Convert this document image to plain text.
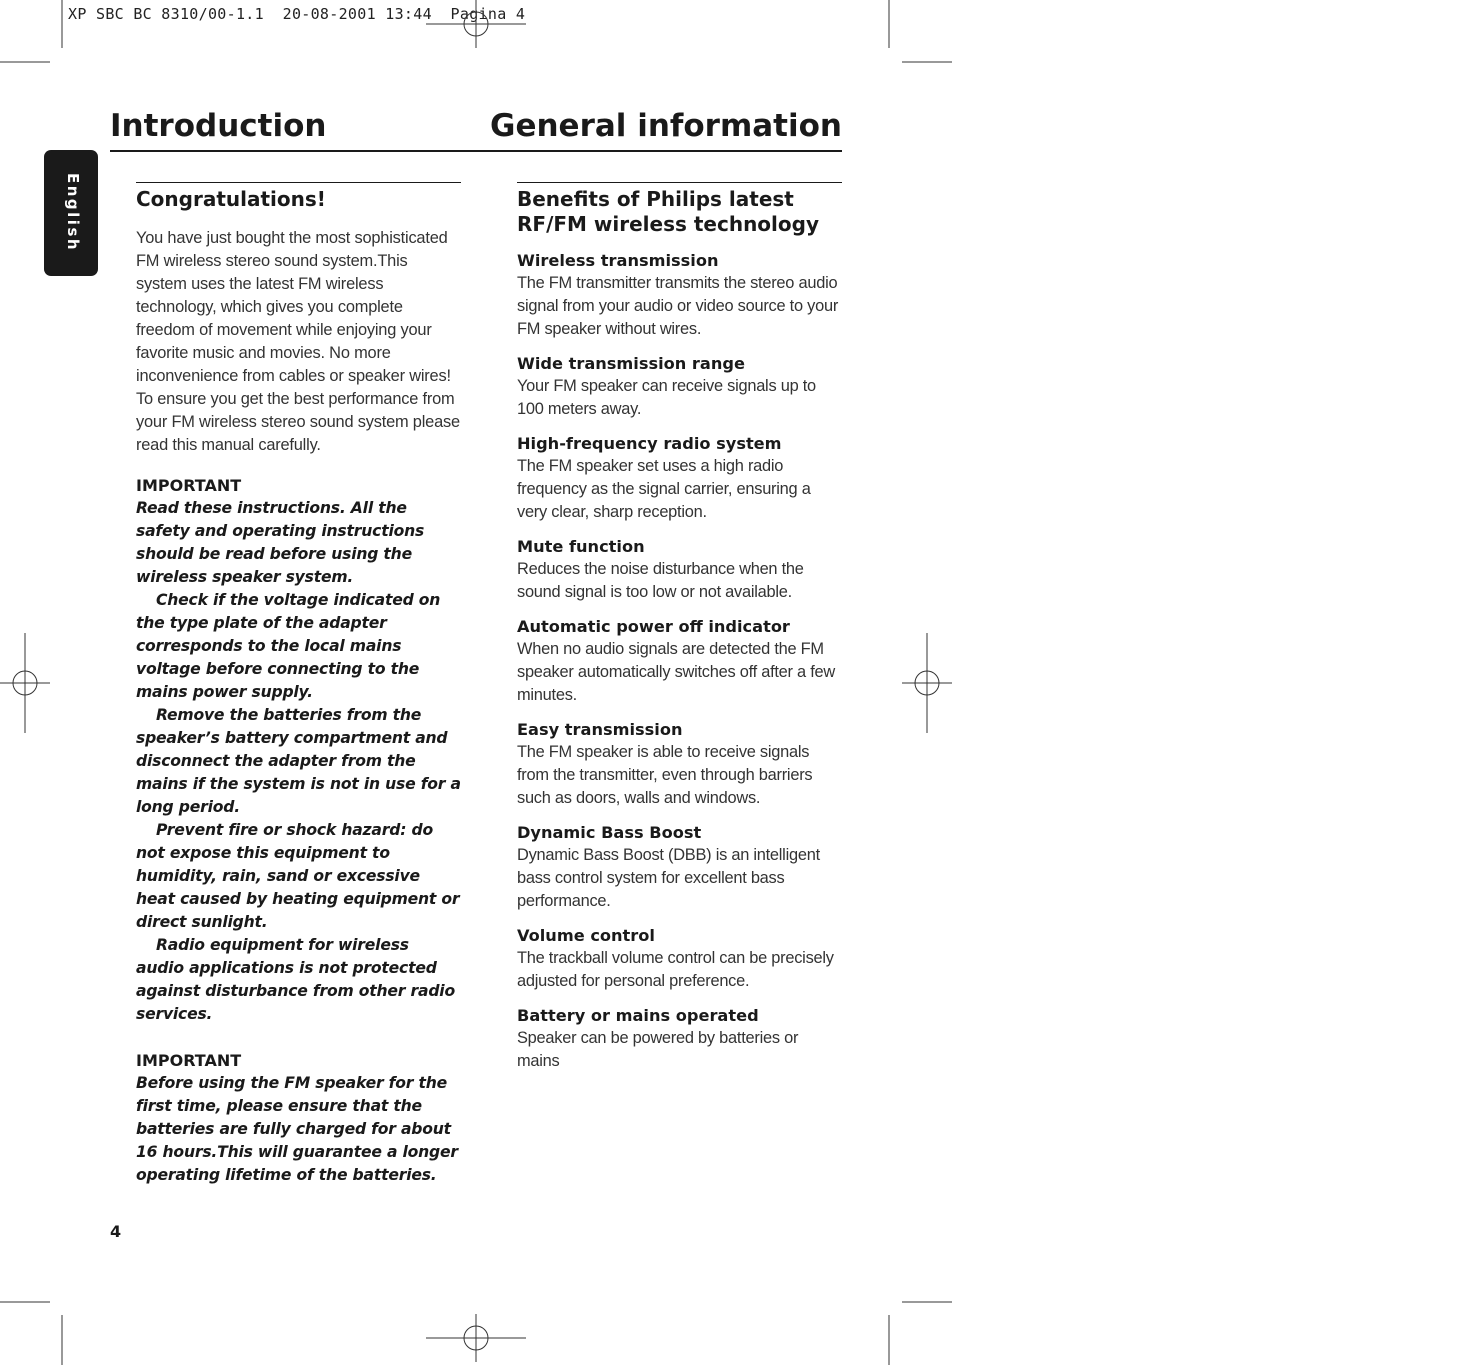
XP SBC BC 8310/00-1.1  20-08-2001 13:44  Pagina 4
Introduction	General information
English	Congratulations!

You have just bought the most sophisticated FM wireless stereo sound system.This system uses the latest FM wireless technology, which gives you complete freedom of movement while enjoying your favorite music and movies. No more inconvenience from cables or speaker wires! To ensure you get the best performance from your FM wireless stereo sound system please read this manual carefully.

IMPORTANT

Read these instructions. All the safety and operating instructions should be read before using the wireless speaker system.

Check if the voltage indicated on the type plate of the adapter corresponds to the local mains voltage before connecting to the mains power supply.

Remove the batteries from the speaker’s battery compartment and disconnect the adapter from the mains if the system is not in use for a long period.

Prevent fire or shock hazard: do not expose this equipment to humidity, rain, sand or excessive heat caused by heating equipment or direct sunlight.

Radio equipment for wireless audio applications is not protected against disturbance from other radio services.

IMPORTANT

Before using the FM speaker for the first time, please ensure that the batteries are fully charged for about 16 hours.This will guarantee a longer operating lifetime of the batteries.

Benefits of Philips latest
RF/FM wireless technology
Wireless transmission
The FM transmitter transmits the stereo audio signal from your audio or video source to your FM speaker without wires.
Wide transmission range
Your FM speaker can receive signals up to 100 meters away.
High-frequency radio system
The FM speaker set uses a high radio frequency as the signal carrier, ensuring a very clear, sharp reception.
Mute function
Reduces the noise disturbance when the sound signal is too low or not available.
Automatic power off indicator
When no audio signals are detected the FM speaker automatically switches off after a few minutes.
Easy transmission
The FM speaker is able to receive signals from the transmitter, even through barriers such as doors, walls and windows.
Dynamic Bass Boost
Dynamic Bass Boost (DBB) is an intelligent bass control system for excellent bass performance.
Volume control
The trackball volume control can be precisely adjusted for personal preference.
Battery or mains operated
Speaker can be powered by batteries or mains
4
